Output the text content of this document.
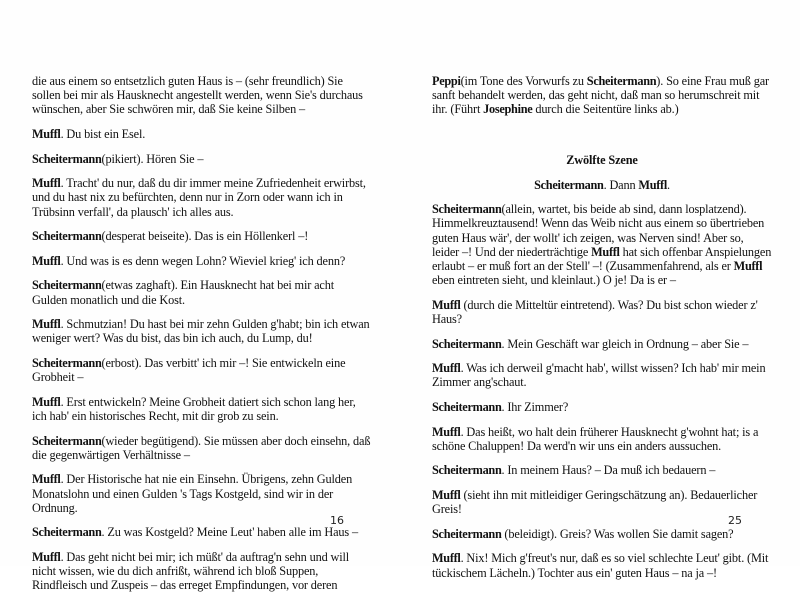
die aus einem so entsetzlich guten Haus is – (sehr freundlich) Sie sollen bei mir als Hausknecht angestellt werden, wenn Sie's durchaus wünschen, aber Sie schwören mir, daß Sie keine Silben –

Muffl. Du bist ein Esel.

Scheitermann(pikiert). Hören Sie –

Muffl. Tracht' du nur, daß du dir immer meine Zufriedenheit erwirbst, und du hast nix zu befürchten, denn nur in Zorn oder wann ich in Trübsinn verfall', da plausch' ich alles aus.

Scheitermann(desperat beiseite). Das is ein Höllenkerl –!

Muffl. Und was is es denn wegen Lohn? Wieviel krieg' ich denn?

Scheitermann(etwas zaghaft). Ein Hausknecht hat bei mir acht Gulden monatlich und die Kost.

Muffl. Schmutzian! Du hast bei mir zehn Gulden g'habt; bin ich etwan weniger wert? Was du bist, das bin ich auch, du Lump, du!

Scheitermann(erbost). Das verbitt' ich mir –! Sie entwickeln eine Grobheit –

Muffl. Erst entwickeln? Meine Grobheit datiert sich schon lang her, ich hab' ein historisches Recht, mit dir grob zu sein.

Scheitermann(wieder begütigend). Sie müssen aber doch einsehn, daß die gegenwärtigen Verhältnisse –

Muffl. Der Historische hat nie ein Einsehn. Übrigens, zehn Gulden Monatslohn und einen Gulden 's Tags Kostgeld, sind wir in der Ordnung.

Scheitermann. Zu was Kostgeld? Meine Leut' haben alle im Haus –

Muffl. Das geht nicht bei mir; ich müßt' da auftrag'n sehn und will nicht wissen, wie du dich anfrißt, während ich bloß Suppen, Rindfleisch und Zuspeis – das erreget Empfindungen, vor deren

16

Peppi(im Tone des Vorwurfs zu Scheitermann). So eine Frau muß gar sanft behandelt werden, das geht nicht, daß man so herumschreit mit ihr. (Führt Josephine durch die Seitentüre links ab.)

Zwölfte Szene

Scheitermann. Dann Muffl.

Scheitermann(allein, wartet, bis beide ab sind, dann losplatzend). Himmelkreuztausend! Wenn das Weib nicht aus einem so übertrieben guten Haus wär', der wollt' ich zeigen, was Nerven sind! Aber so, leider –! Und der niederträchtige Muffl hat sich offenbar Anspielungen erlaubt – er muß fort an der Stell' –! (Zusammenfahrend, als er Muffl eben eintreten sieht, und kleinlaut.) O je! Da is er –

Muffl (durch die Mitteltür eintretend). Was? Du bist schon wieder z' Haus?

Scheitermann. Mein Geschäft war gleich in Ordnung – aber Sie –

Muffl. Was ich derweil g'macht hab', willst wissen? Ich hab' mir mein Zimmer ang'schaut.

Scheitermann. Ihr Zimmer?

Muffl. Das heißt, wo halt dein früherer Hausknecht g'wohnt hat; is a schöne Chaluppen! Da werd'n wir uns ein anders aussuchen.

Scheitermann. In meinem Haus? – Da muß ich bedauern –

Muffl (sieht ihn mit mitleidiger Geringschätzung an). Bedauerlicher Greis!

Scheitermann (beleidigt). Greis? Was wollen Sie damit sagen?

Muffl. Nix! Mich g'freut's nur, daß es so viel schlechte Leut' gibt. (Mit tückischem Lächeln.) Tochter aus ein' guten Haus – na ja –!

25
